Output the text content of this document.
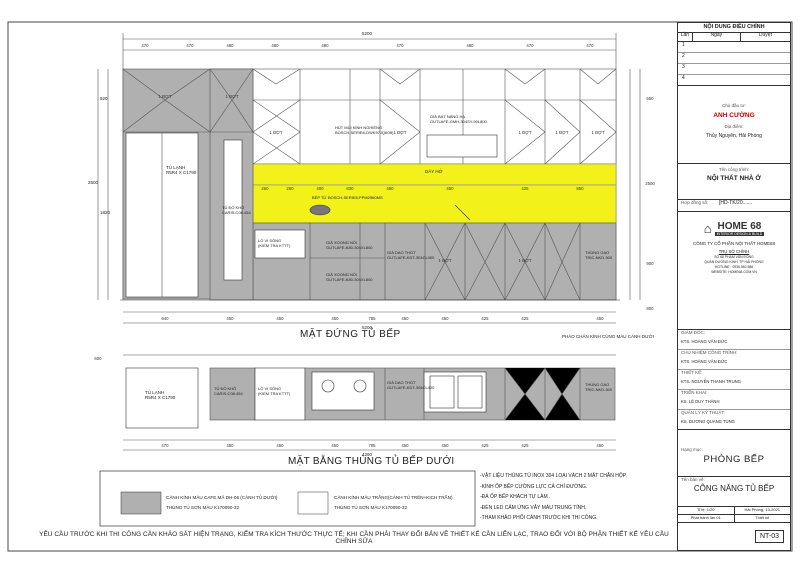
470	470	480	480	480	470	480	470	470
940	450	450	450	785	450	450	425	425	450
470	450	450	450	785	450	450	425	425	450
260	260	400	830	450	450	425	850
1 ĐỢT	1 ĐỢT
1 ĐỢT	1 ĐỢT	1 ĐỢT	1 ĐỢT	1 ĐỢT
1 ĐỢT	1 ĐỢT
650
2500
900
800
600
MẶT ĐỨNG TỦ BẾP
MẶT BẰNG THÙNG TỦ BẾP DƯỚI
5200
5200
4260
2500
920
1820
TỦ LẠNH
R5R4 X C1790
TỦ ĐỒ KHÔ
CARIS-C08.454
HÚT MÙI KÍNH NGHIÊNG
BOSCH-SERIE8-DWK97JQ60B)
GIÁ BÁT NÂNG HẠ
GUTLAFE-GMH-304SY-90L800
DÂY HỞ
BẾP TỪ BOSCH-SERIE8-PPI82560MS
LÒ VI SÓNG
(KIẾM TRA KTTT)
GIÁ XOONG NỒI
GUTLAFE-K80-304XL800
GIÁ XOONG NỒI
GUTLAFE-K80-304XL800
GIÁ DAO THỚT
GUTLAFE-KDT-304CL400
THÙNG GAO
TRỊC-NKD-300
PHÀO CHÂN KÍNH CÙNG MÀU CÁNH DƯỚI
TỦ LẠNH
R5R4 X C1790
TỦ ĐỒ KHÔ
CARIS-C08.454
LÒ VI SÓNG
(KIẾM TRA KTTT)
GIÁ DAO THỚT
GUTLAFE-KDT-304CL400
THÙNG GAO
TRỊC-NKD-300
CÁNH KÍNH MÀU CAFE MÃ DH-06 (CÁNH TỦ DƯỚI)
THÙNG TỦ SƠN MÀU K170090-32
CÁNH KÍNH MÀU TRẮNG(CÁNH TỦ TRÊN+KỊCH TRẦN)
THÙNG TỦ SƠN MÀU K170090-32
-VẬT LIỆU THÙNG TỦ INOX 304 LOẠI VÁCH 2 MẶT CHẮN HỘP.
-KÍNH ỐP BẾP CƯỜNG LỰC CẢ CHỈ ĐƯỜNG.
-ĐÁ ỐP BẾP KHÁCH TỰ LÀM .
-ĐÈN LED CẢM ỨNG VẪY MÀU TRUNG TÍNH.
-THAM KHẢO PHỐI CẢNH TRƯỚC KHI THI CÔNG.
YÊU CẦU TRƯỚC KHI THI CÔNG CẦN KHẢO SÁT HIỆN TRẠNG, KIỂM TRA KÍCH THƯỚC THỰC TẾ; KHI CẦN PHẢI THAY ĐỔI BẢN VẼ THIẾT KẾ CẦN LIÊN LẠC, TRAO ĐỔI VỚI BỘ PHẬN THIẾT KẾ YÊU CẦU CHỈNH SỬA
NỘI DUNG ĐIỀU CHỈNH
Lần	Ngày	Duyệt
1
2
3
4
Chủ đầu tư:
ANH CƯỜNG
Địa điểm:
Thủy Nguyên, Hải Phòng
Tên công trình:
NỘI THẤT NHÀ Ở
Hợp đồng số:	[HD-TK/20.......
⌂ HOME 68
INTERIOR DESIGN & BUILD
CÔNG TY CỔ PHẦN NỘI THẤT HOME68
TRỤ SỞ CHÍNH
SỐ 68 PHẠM VĂN ĐỒNG
QUÁN DƯƠNG KINH, TP HẢI PHÒNG
HOTLINE : 0936.582.588
WEBSITE: HOME68.COM.VN
GIÁM ĐỐC:
KTS. HOÀNG VĂN ĐỨC
CHỦ NHIỆM CÔNG TRÌNH:
KTS. HOÀNG VĂN ĐỨC
THIẾT KẾ:
KTS. NGUYỄN THANH TRUNG
TRIỂN KHAI:
KS. LÊ DUY THÀNH
QUẢN LÝ KỸ THUẬT:
KS. DƯƠNG QUANG TÙNG
Hạng mục:
PHÒNG BẾP
Tên bản vẽ:
CÔNG NĂNG TỦ BẾP
Tỉ lệ: 1/20	Hải Phòng, 10-2021
Phát hành lần 01	Thiết kế
NT-03
